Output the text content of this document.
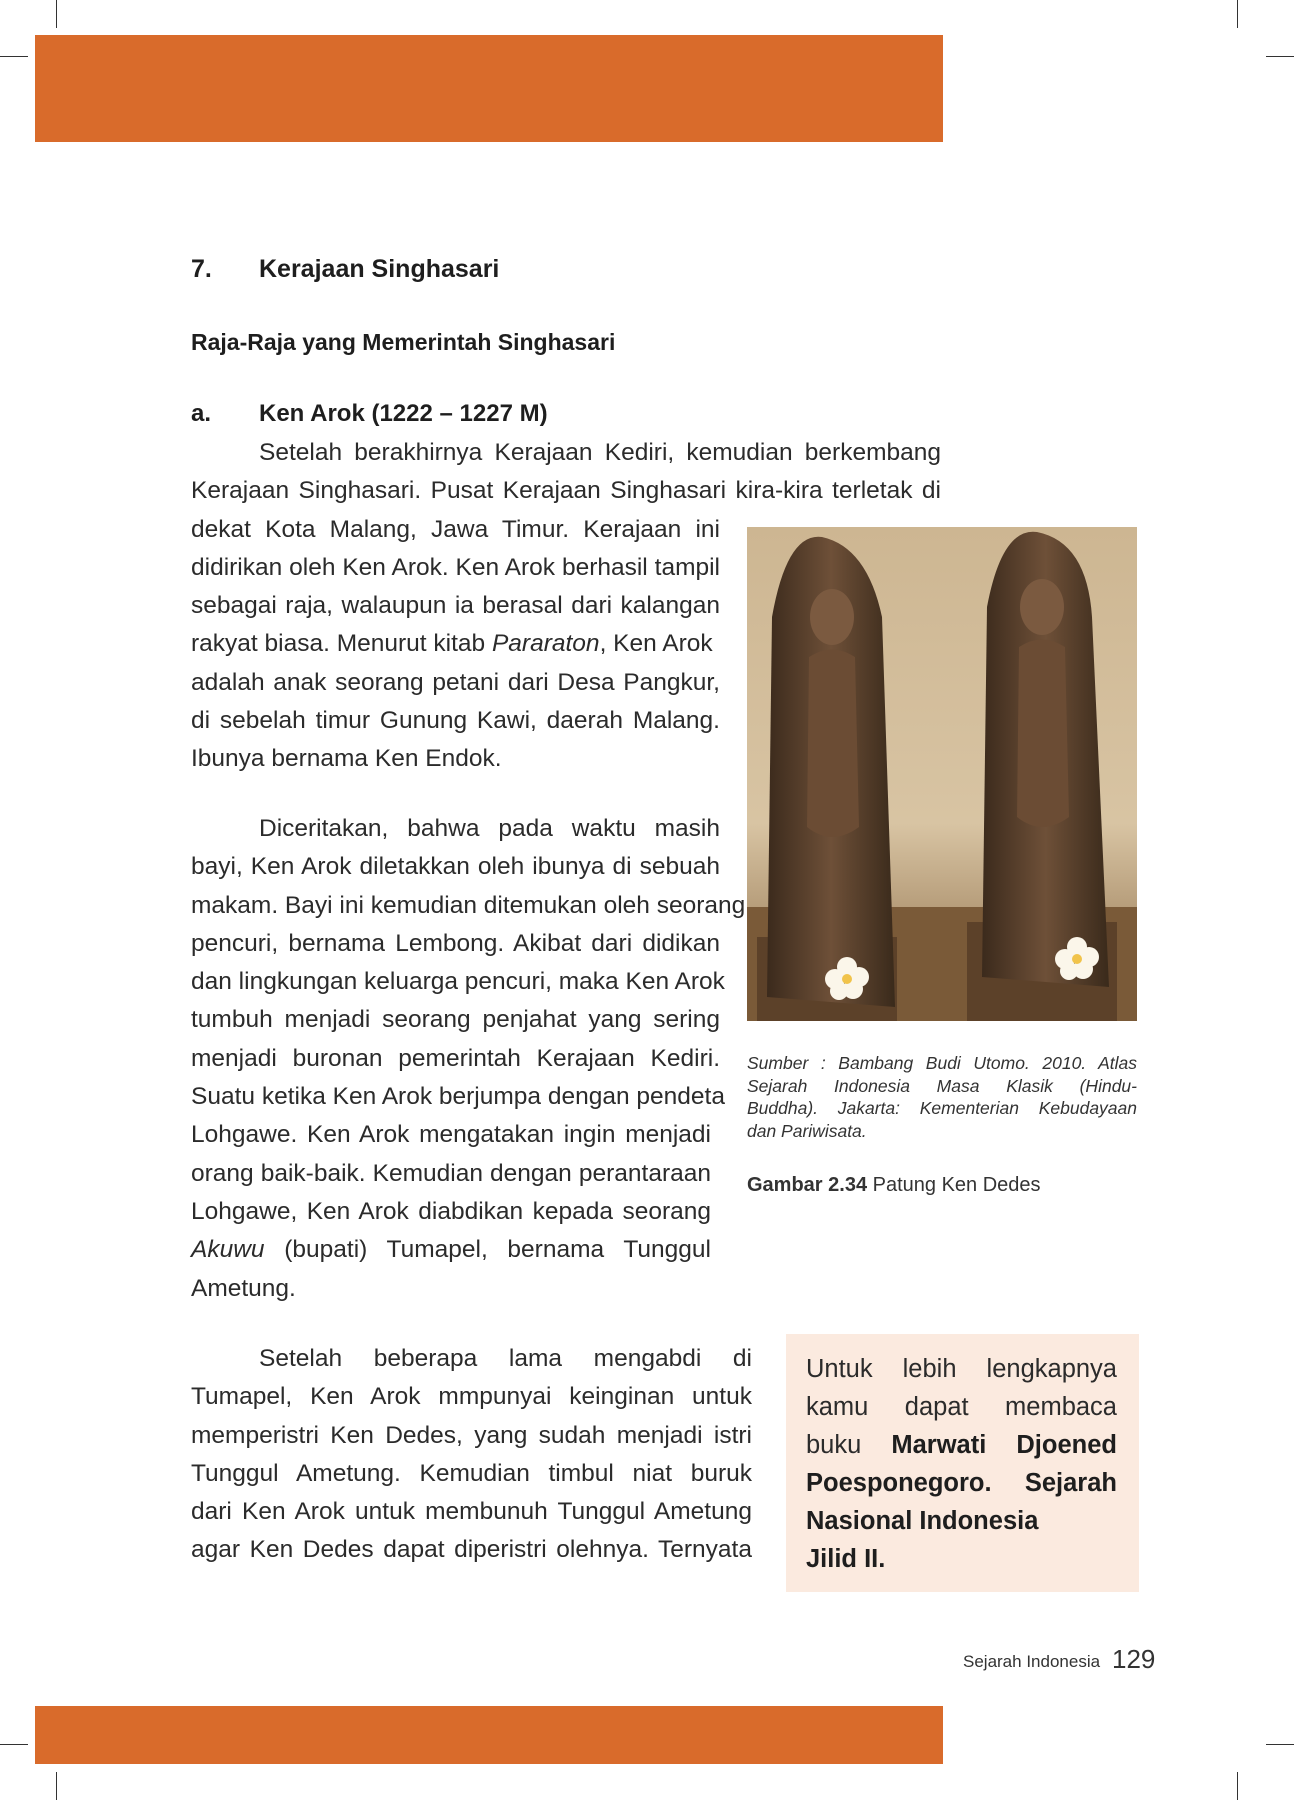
7. Kerajaan Singhasari
Raja-Raja yang Memerintah Singhasari
a. Ken Arok (1222 – 1227 M)
Setelah berakhirnya Kerajaan Kediri, kemudian berkembang
Kerajaan Singhasari. Pusat Kerajaan Singhasari kira-kira terletak di
dekat Kota Malang, Jawa Timur. Kerajaan ini
didirikan oleh Ken Arok. Ken Arok berhasil tampil
sebagai raja, walaupun ia berasal dari kalangan
rakyat biasa. Menurut kitab Pararaton, Ken Arok
adalah anak seorang petani dari Desa Pangkur,
di sebelah timur Gunung Kawi, daerah Malang.
Ibunya bernama Ken Endok.
Diceritakan, bahwa pada waktu masih
bayi, Ken Arok diletakkan oleh ibunya di sebuah
makam. Bayi ini kemudian ditemukan oleh seorang
pencuri, bernama Lembong. Akibat dari didikan
dan lingkungan keluarga pencuri, maka Ken Arok
tumbuh menjadi seorang penjahat yang sering
menjadi buronan pemerintah Kerajaan Kediri.
Suatu ketika Ken Arok berjumpa dengan pendeta
Lohgawe. Ken Arok mengatakan ingin menjadi
orang baik-baik. Kemudian dengan perantaraan
Lohgawe, Ken Arok diabdikan kepada seorang
Akuwu (bupati) Tumapel, bernama Tunggul
Ametung.
Setelah beberapa lama mengabdi di
Tumapel, Ken Arok mmpunyai keinginan untuk
memperistri Ken Dedes, yang sudah menjadi istri
Tunggul Ametung. Kemudian timbul niat buruk
dari Ken Arok untuk membunuh Tunggul Ametung
agar Ken Dedes dapat diperistri olehnya. Ternyata
Sumber : Bambang Budi Utomo. 2010. Atlas
Sejarah Indonesia Masa Klasik (Hindu-
Buddha). Jakarta: Kementerian Kebudayaan
dan Pariwisata.
Gambar 2.34 Patung Ken Dedes
Untuk lebih lengkapnya
kamu dapat membaca
buku Marwati Djoened
Poesponegoro. Sejarah
Nasional Indonesia
Jilid II.
Sejarah Indonesia 129
